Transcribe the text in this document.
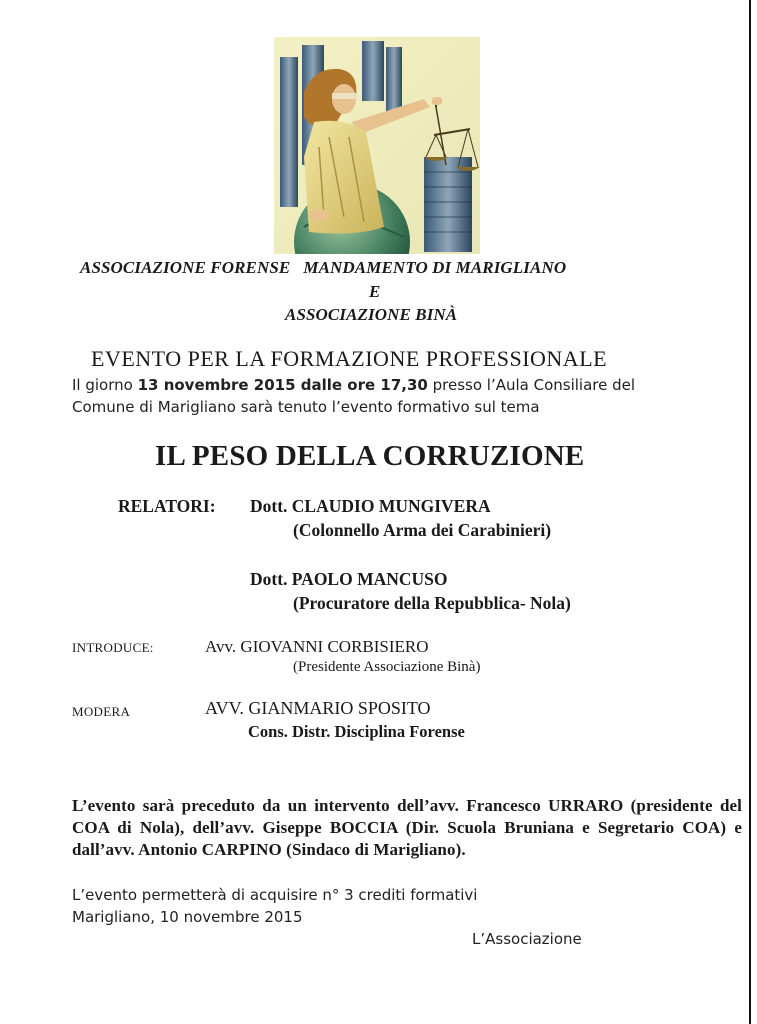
ASSOCIAZIONE FORENSE MANDAMENTO DI MARIGLIANO
E
ASSOCIAZIONE BINÀ
EVENTO PER LA FORMAZIONE PROFESSIONALE
Il giorno 13 novembre 2015 dalle ore 17,30 presso l’Aula Consiliare del
Comune di Marigliano sarà tenuto l’evento formativo sul tema
IL PESO DELLA CORRUZIONE
RELATORI: Dott. CLAUDIO MUNGIVERA
(Colonnello Arma dei Carabinieri)
Dott. PAOLO MANCUSO
(Procuratore della Repubblica- Nola)
INTRODUCE:	Avv. GIOVANNI CORBISIERO
(Presidente Associazione Binà)
MODERA	AVV. GIANMARIO SPOSITO
Cons. Distr. Disciplina Forense
L’evento sarà preceduto da un intervento dell’avv. Francesco URRARO (presidente del COA di Nola), dell’avv. Giseppe BOCCIA (Dir. Scuola Bruniana e Segretario COA) e dall’avv. Antonio CARPINO (Sindaco di Marigliano).
L’evento permetterà di acquisire n° 3 crediti formativi
Marigliano, 10 novembre 2015
L’Associazione
